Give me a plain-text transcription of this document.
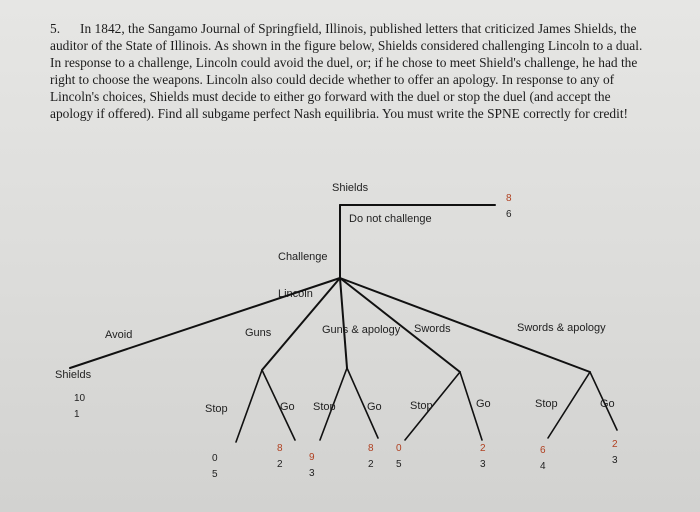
5. In 1842, the Sangamo Journal of Springfield, Illinois, published letters that criticized James Shields, the auditor of the State of Illinois. As shown in the figure below, Shields considered challenging Lincoln to a dual. In response to a challenge, Lincoln could avoid the duel, or; if he chose to meet Shield's challenge, he had the right to choose the weapons. Lincoln also could decide whether to offer an apology. In response to any of Lincoln's choices, Shields must decide to either go forward with the duel or stop the duel (and accept the apology if offered). Find all subgame perfect Nash equilibria. You must write the SPNE correctly for credit!
Shields
Do not challenge
8
6
Challenge
Lincoln
Avoid	Guns	Guns & apology Swords	Swords & apology
Shields
10
1	Stop	Go
0
5
8
2
Stop	Go
9
3
8
2
Stop	Go
0
5
2
3
Stop	Go
6
4
2
3
